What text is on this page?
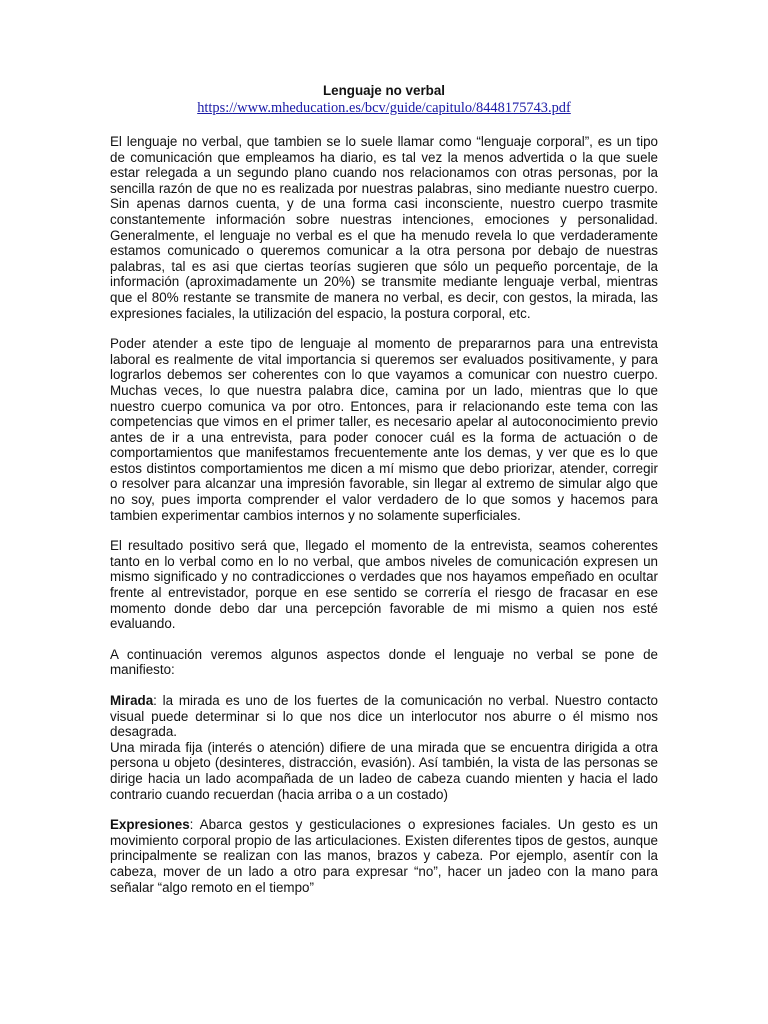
Lenguaje no verbal
https://www.mheducation.es/bcv/guide/capitulo/8448175743.pdf

El lenguaje no verbal, que tambien se lo suele llamar como “lenguaje corporal”, es un tipo de comunicación que empleamos ha diario, es tal vez la menos advertida o la que suele estar relegada a un segundo plano cuando nos relacionamos con otras personas, por la sencilla razón de que no es realizada por nuestras palabras, sino mediante nuestro cuerpo. Sin apenas darnos cuenta, y de una forma casi inconsciente, nuestro cuerpo trasmite constantemente información sobre nuestras intenciones, emociones y personalidad. Generalmente, el lenguaje no verbal es el que ha menudo revela lo que verdaderamente estamos comunicado o queremos comunicar a la otra persona por debajo de nuestras palabras, tal es asi que ciertas teorías sugieren que sólo un pequeño porcentaje, de la información (aproximadamente un 20%) se transmite mediante lenguaje verbal, mientras que el 80% restante se transmite de manera no verbal, es decir, con gestos, la mirada, las expresiones faciales, la utilización del espacio, la postura corporal, etc.

Poder atender a este tipo de lenguaje al momento de prepararnos para una entrevista laboral es realmente de vital importancia si queremos ser evaluados positivamente, y para lograrlos debemos ser coherentes con lo que vayamos a comunicar con nuestro cuerpo. Muchas veces, lo que nuestra palabra dice, camina por un lado, mientras que lo que nuestro cuerpo comunica va por otro. Entonces, para ir relacionando este tema con las competencias que vimos en el primer taller, es necesario apelar al autoconocimiento previo antes de ir a una entrevista, para poder conocer cuál es la forma de actuación o de comportamientos que manifestamos frecuentemente ante los demas, y ver que es lo que estos distintos comportamientos me dicen a mí mismo que debo priorizar, atender, corregir o resolver para alcanzar una impresión favorable, sin llegar al extremo de simular algo que no soy, pues importa comprender el valor verdadero de lo que somos y hacemos para tambien experimentar cambios internos y no solamente superficiales.

El resultado positivo será que, llegado el momento de la entrevista, seamos coherentes tanto en lo verbal como en lo no verbal, que ambos niveles de comunicación expresen un mismo significado y no contradicciones o verdades que nos hayamos empeñado en ocultar frente al entrevistador, porque en ese sentido se correría el riesgo de fracasar en ese momento donde debo dar una percepción favorable de mi mismo a quien nos esté evaluando.

A continuación veremos algunos aspectos donde el lenguaje no verbal se pone de manifiesto:

Mirada: la mirada es uno de los fuertes de la comunicación no verbal. Nuestro contacto visual puede determinar si lo que nos dice un interlocutor nos aburre o él mismo nos desagrada.

Una mirada fija (interés o atención) difiere de una mirada que se encuentra dirigida a otra persona u objeto (desinteres, distracción, evasión). Así también, la vista de las personas se dirige hacia un lado acompañada de un ladeo de cabeza cuando mienten y hacia el lado contrario cuando recuerdan (hacia arriba o a un costado)

Expresiones: Abarca gestos y gesticulaciones o expresiones faciales. Un gesto es un movimiento corporal propio de las articulaciones. Existen diferentes tipos de gestos, aunque principalmente se realizan con las manos, brazos y cabeza. Por ejemplo, asentír con la cabeza, mover de un lado a otro para expresar “no”, hacer un jadeo con la mano para señalar “algo remoto en el tiempo”
